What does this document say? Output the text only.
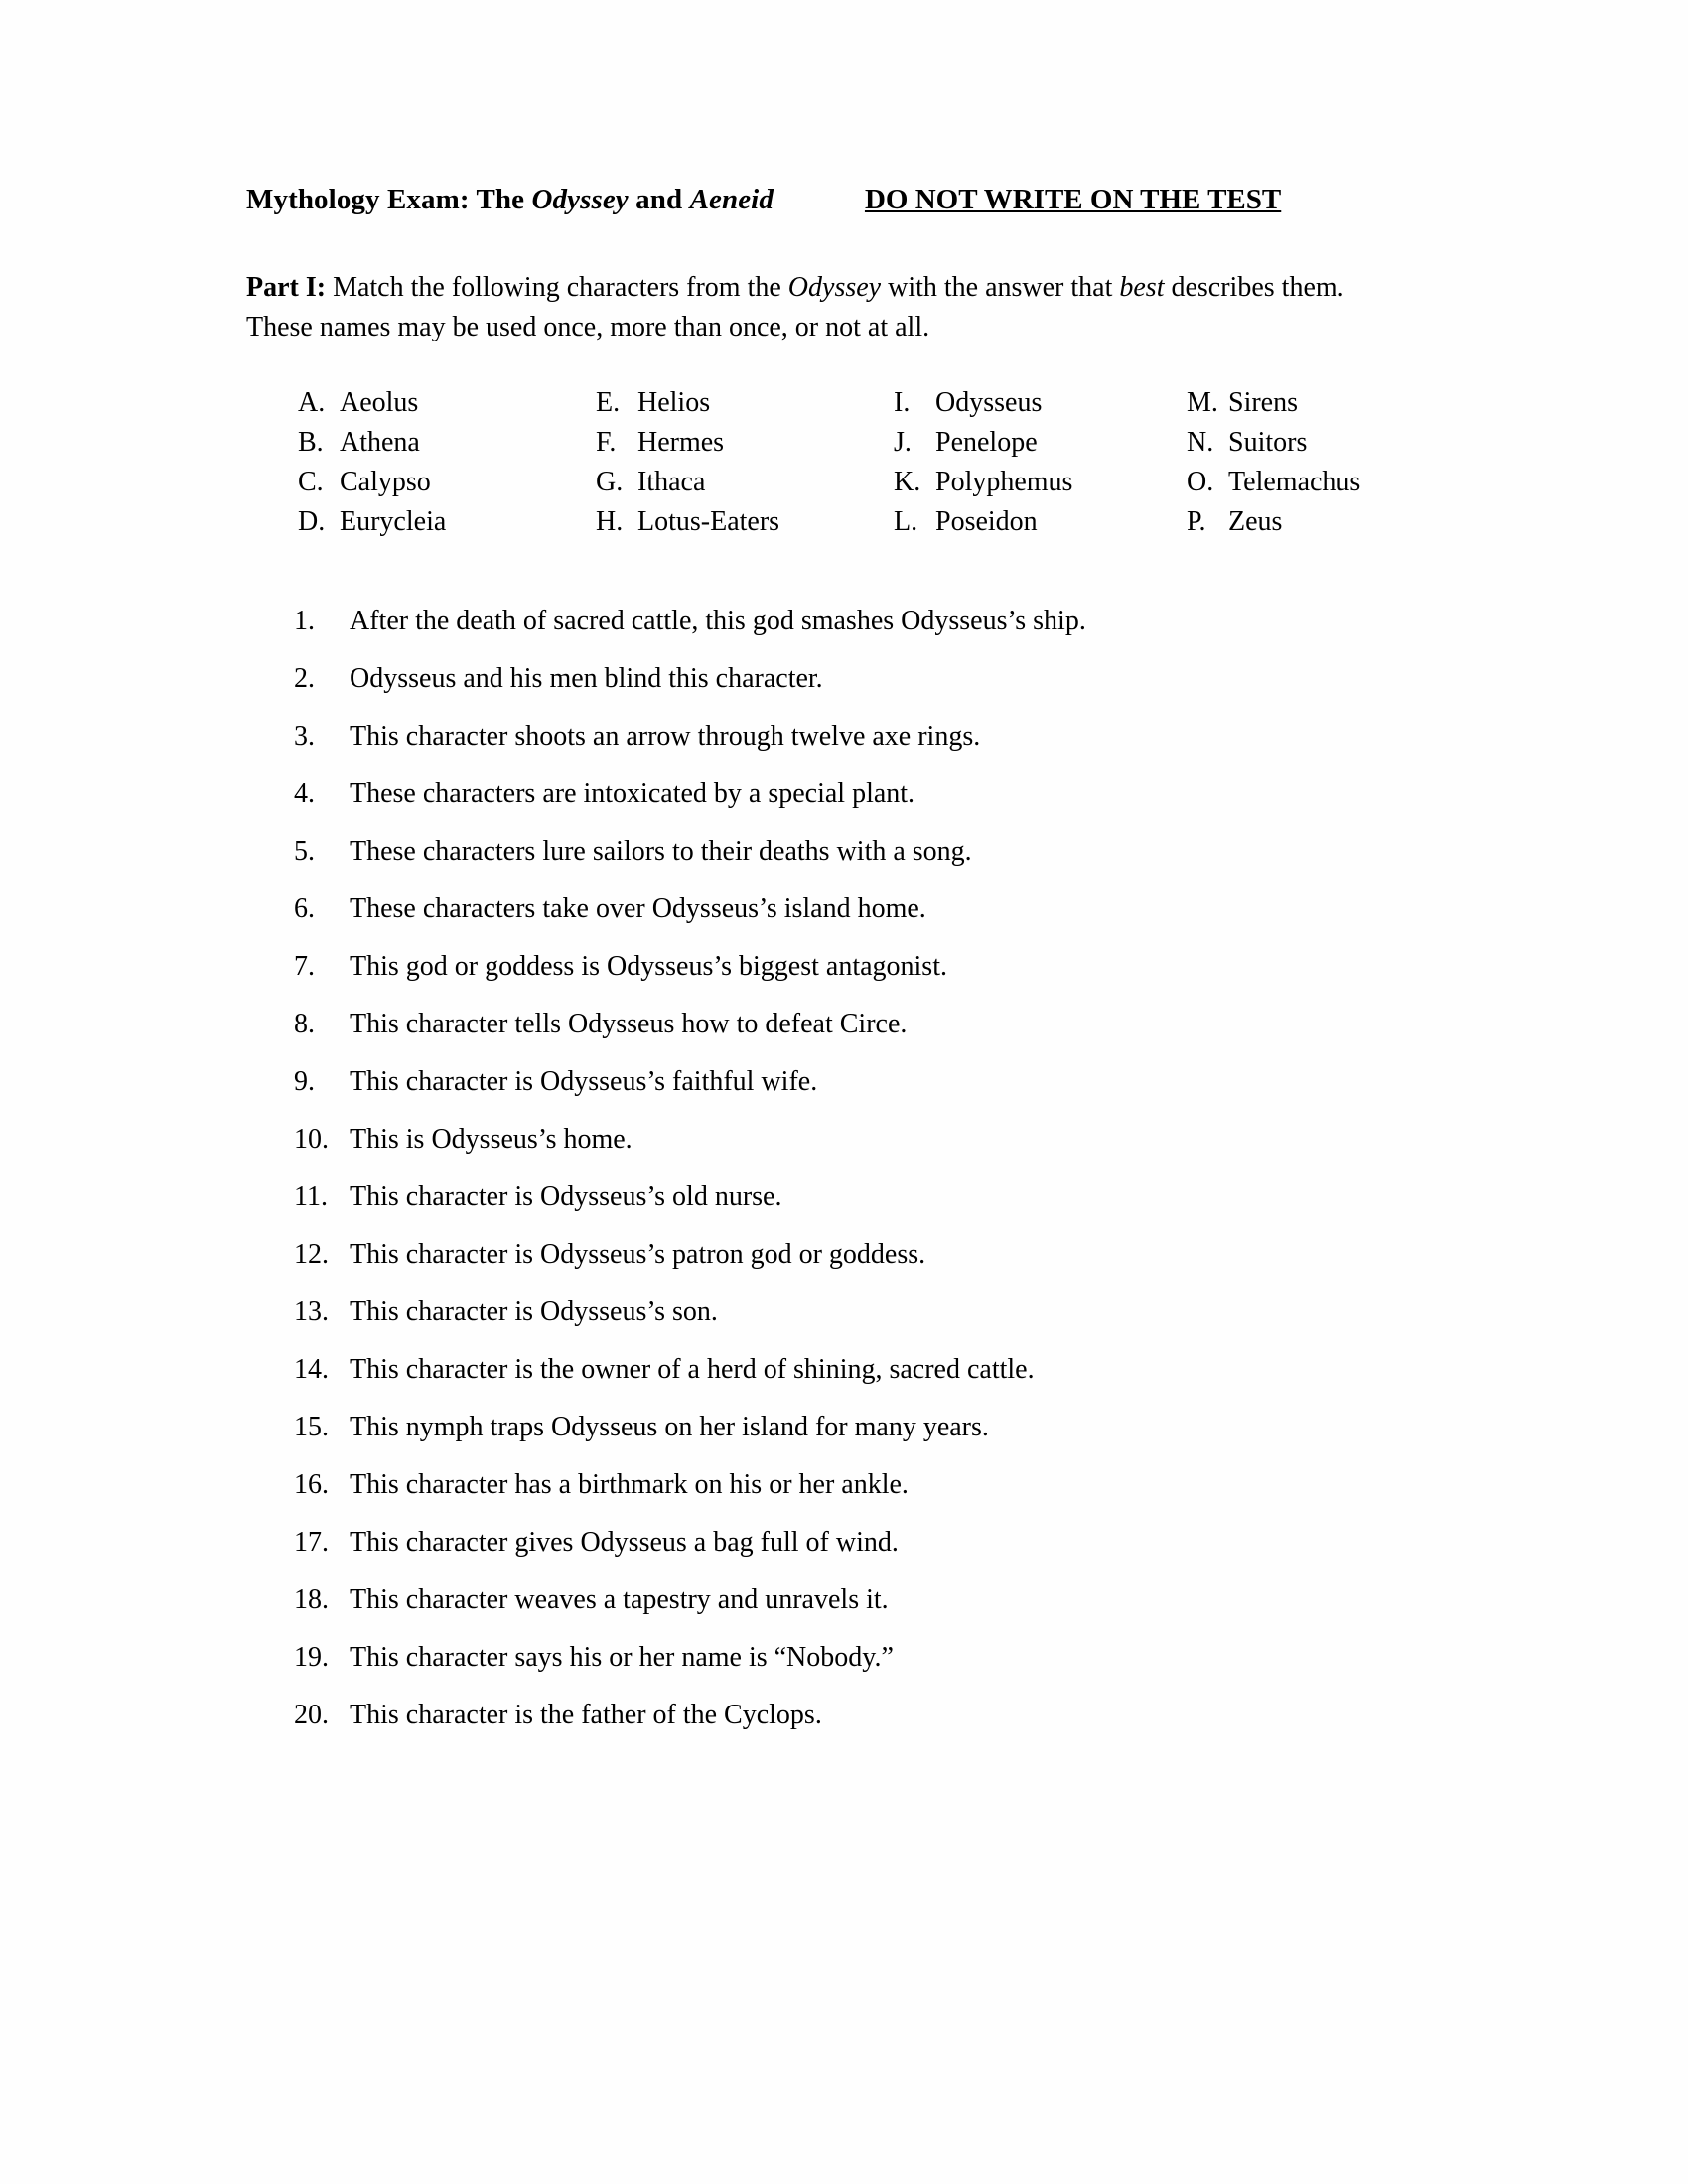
Mythology Exam: The Odyssey and Aeneid	DO NOT WRITE ON THE TEST
Part I: Match the following characters from the Odyssey with the answer that best describes them. These names may be used once, more than once, or not at all.
A. Aeolus
B. Athena
C. Calypso
D. Eurycleia
E. Helios
F. Hermes
G. Ithaca
H. Lotus-Eaters
I. Odysseus
J. Penelope
K. Polyphemus
L. Poseidon
M. Sirens
N. Suitors
O. Telemachus
P. Zeus
1.	After the death of sacred cattle, this god smashes Odysseus’s ship.
2.	Odysseus and his men blind this character.
3.	This character shoots an arrow through twelve axe rings.
4.	These characters are intoxicated by a special plant.
5.	These characters lure sailors to their deaths with a song.
6.	These characters take over Odysseus’s island home.
7.	This god or goddess is Odysseus’s biggest antagonist.
8.	This character tells Odysseus how to defeat Circe.
9.	This character is Odysseus’s faithful wife.
10. This is Odysseus’s home.
11. This character is Odysseus’s old nurse.
12. This character is Odysseus’s patron god or goddess.
13. This character is Odysseus’s son.
14. This character is the owner of a herd of shining, sacred cattle.
15. This nymph traps Odysseus on her island for many years.
16. This character has a birthmark on his or her ankle.
17. This character gives Odysseus a bag full of wind.
18. This character weaves a tapestry and unravels it.
19. This character says his or her name is “Nobody.”
20. This character is the father of the Cyclops.
